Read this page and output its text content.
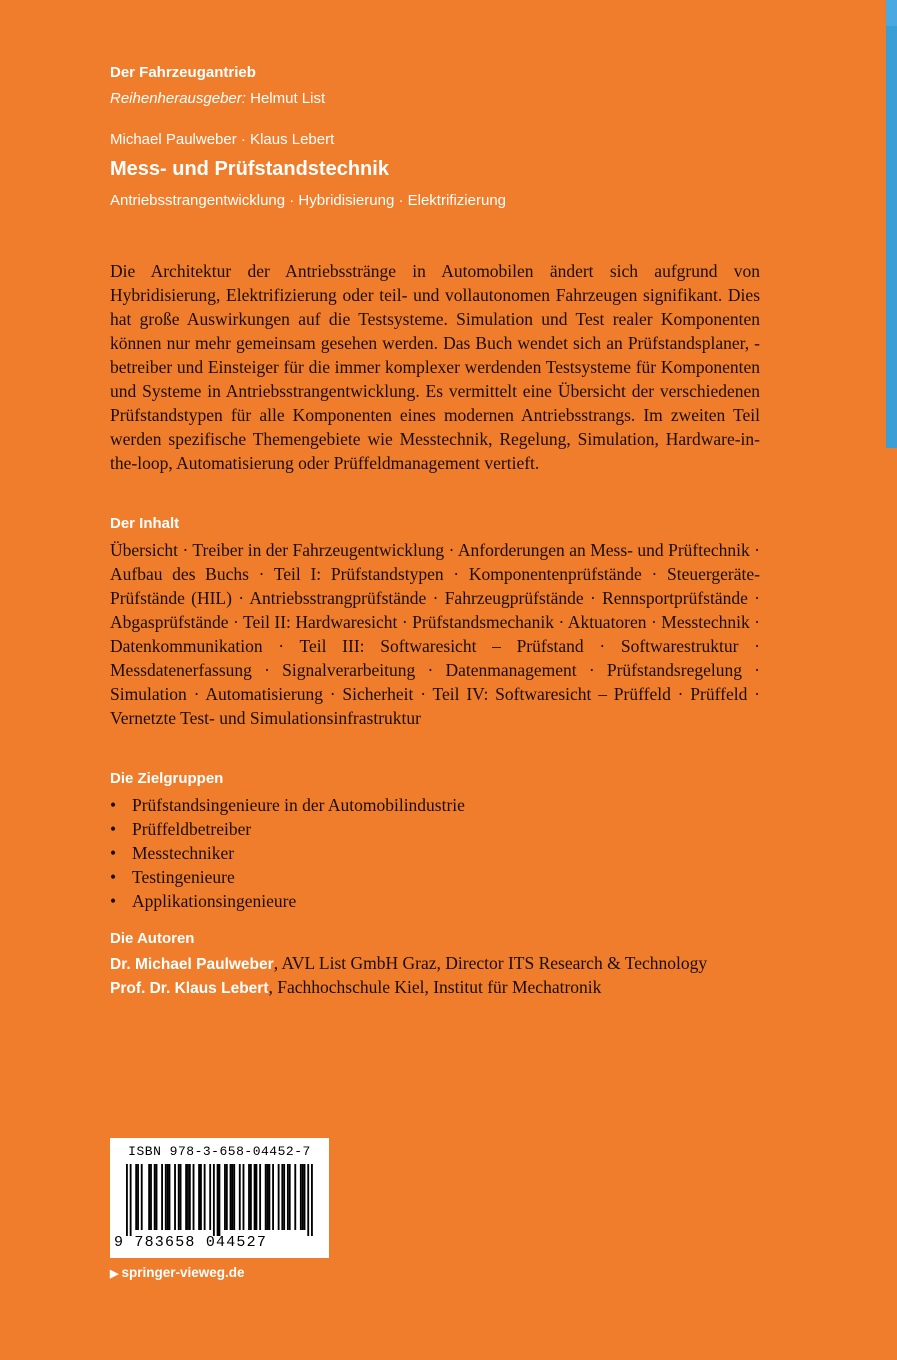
Der Fahrzeugantrieb
Reihenherausgeber: Helmut List
Michael Paulweber · Klaus Lebert
Mess- und Prüfstandstechnik
Antriebsstrangentwicklung · Hybridisierung · Elektrifizierung
Die Architektur der Antriebsstränge in Automobilen ändert sich aufgrund von Hybridisierung, Elektrifizierung oder teil- und vollautonomen Fahrzeugen signifikant. Dies hat große Auswirkungen auf die Testsysteme. Simulation und Test realer Komponenten können nur mehr gemeinsam gesehen werden. Das Buch wendet sich an Prüfstandsplaner, -betreiber und Einsteiger für die immer komplexer werdenden Testsysteme für Komponenten und Systeme in Antriebsstrangentwicklung. Es vermittelt eine Übersicht der verschiedenen Prüfstandstypen für alle Komponenten eines modernen Antriebsstrangs. Im zweiten Teil werden spezifische Themengebiete wie Messtechnik, Regelung, Simulation, Hardware-in-the-loop, Automatisierung oder Prüffeldmanagement vertieft.
Der Inhalt
Übersicht · Treiber in der Fahrzeugentwicklung · Anforderungen an Mess- und Prüftechnik · Aufbau des Buchs · Teil I: Prüfstandstypen · Komponentenprüfstände · Steuergeräte-Prüfstände (HIL) · Antriebsstrangprüfstände · Fahrzeugprüfstände · Rennsportprüfstände · Abgasprüfstände · Teil II: Hardwaresicht · Prüfstandsmechanik · Aktuatoren · Messtechnik · Datenkommunikation · Teil III: Softwaresicht – Prüfstand · Softwarestruktur · Messdatenerfassung · Signalverarbeitung · Datenmanagement · Prüfstandsregelung · Simulation · Automatisierung · Sicherheit · Teil IV: Softwaresicht – Prüffeld · Prüffeld · Vernetzte Test- und Simulationsinfrastruktur
Die Zielgruppen
• Prüfstandsingenieure in der Automobilindustrie
• Prüffeldbetreiber
• Messtechniker
• Testingenieure
• Applikationsingenieure
Die Autoren
Dr. Michael Paulweber, AVL List GmbH Graz, Director ITS Research & Technology
Prof. Dr. Klaus Lebert, Fachhochschule Kiel, Institut für Mechatronik
ISBN 978-3-658-04452-7
9 783658 044527
▶ springer-vieweg.de
